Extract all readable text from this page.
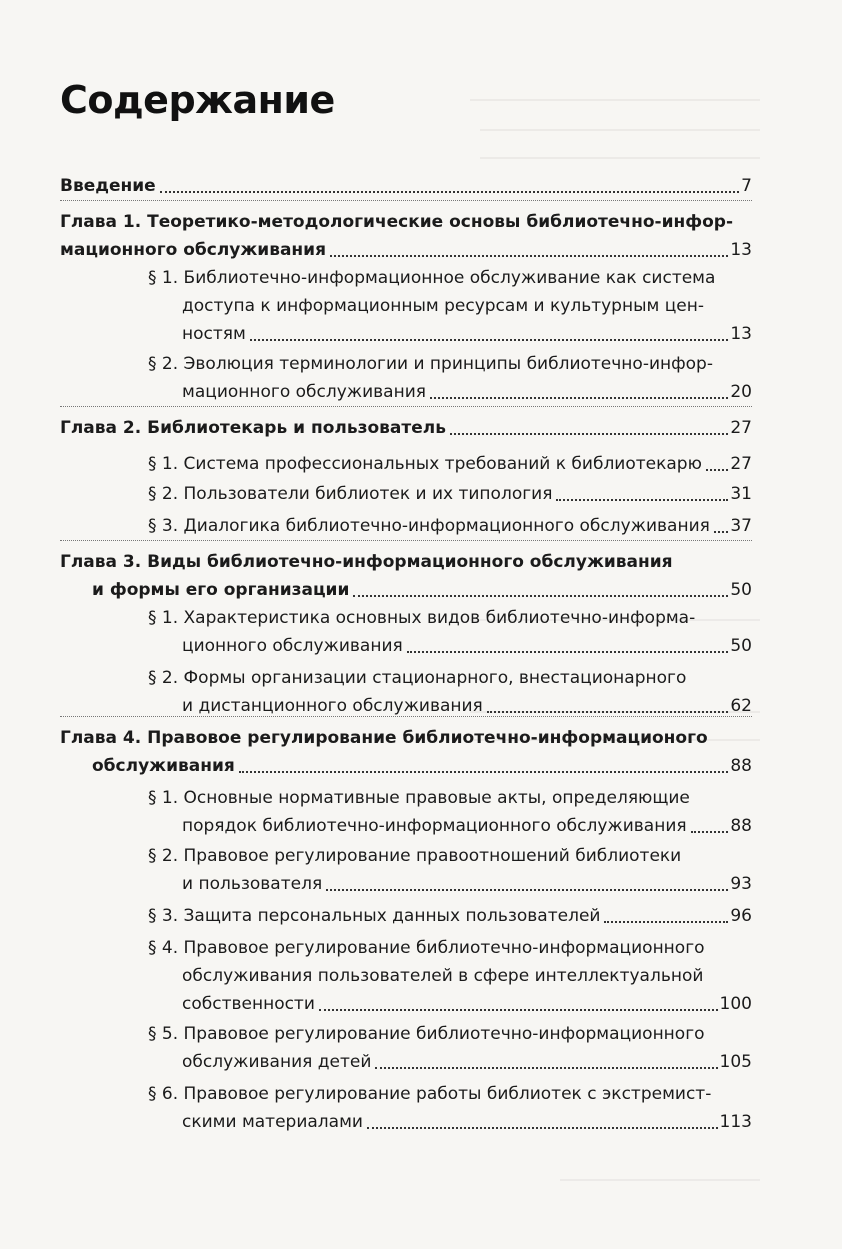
Содержание
Введение	7
Глава 1. Теоретико-методологические основы библиотечно-инфор-
мационного обслуживания	13
§ 1. Библиотечно-информационное обслуживание как система
доступа к информационным ресурсам и культурным цен-
ностям	13
§ 2. Эволюция терминологии и принципы библиотечно-инфор-
мационного обслуживания	20
Глава 2. Библиотекарь и пользователь	27
§ 1. Система профессиональных требований к библиотекарю 27
§ 2. Пользователи библиотек и их типология	31
§ 3. Диалогика библиотечно-информационного обслуживания 37
Глава 3. Виды библиотечно-информационного обслуживания
и формы его организации	50
§ 1. Характеристика основных видов библиотечно-информа-
ционного обслуживания	50
§ 2. Формы организации стационарного, внестационарного
и дистанционного обслуживания	62
Глава 4. Правовое регулирование библиотечно-информационого
обслуживания	88
§ 1. Основные нормативные правовые акты, определяющие
порядок библиотечно-информационного обслуживания	88
§ 2. Правовое регулирование правоотношений библиотеки
и пользователя	93
§ 3. Защита персональных данных пользователей	96
§ 4. Правовое регулирование библиотечно-информационного
обслуживания пользователей в сфере интеллектуальной
собственности	100
§ 5. Правовое регулирование библиотечно-информационного
обслуживания детей	105
§ 6. Правовое регулирование работы библиотек с экстремист-
скими материалами	113
